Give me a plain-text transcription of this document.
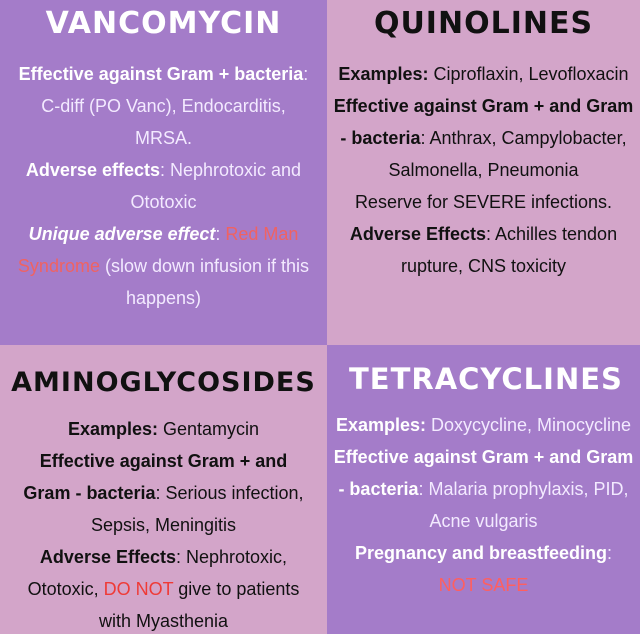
VANCOMYCIN
Effective against Gram + bacteria: C-diff (PO Vanc), Endocarditis, MRSA.
Adverse effects: Nephrotoxic and Ototoxic
Unique adverse effect: Red Man Syndrome (slow down infusion if this happens)
QUINOLINES
Examples: Ciproflaxin, Levofloxacin
Effective against Gram + and Gram - bacteria: Anthrax, Campylobacter, Salmonella, Pneumonia
Reserve for SEVERE infections.
Adverse Effects: Achilles tendon rupture, CNS toxicity
AMINOGLYCOSIDES
Examples: Gentamycin
Effective against Gram + and Gram - bacteria: Serious infection, Sepsis, Meningitis
Adverse Effects: Nephrotoxic, Ototoxic, DO NOT give to patients with Myasthenia
TETRACYCLINES
Examples: Doxycycline, Minocycline
Effective against Gram + and Gram - bacteria: Malaria prophylaxis, PID, Acne vulgaris
Pregnancy and breastfeeding:
NOT SAFE
